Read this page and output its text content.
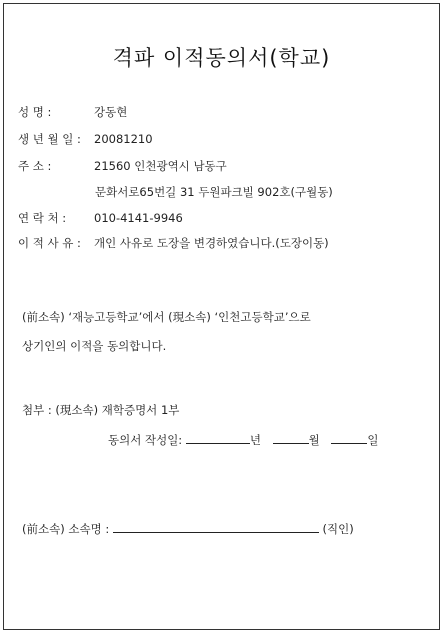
격파 이적동의서(학교)
성 명 :	강동현
생 년 월 일 : 20081210
주 소 :	21560 인천광역시 남동구
문화서로65번길 31 두원파크빌 902호(구월동)
연 락 처 : 010-4141-9946
이 적 사 유 : 개인 사유로 도장을 변경하였습니다.(도장이동)
(前소속) ‘재능고등학교’에서 (現소속) ‘인천고등학교’으로
상기인의 이적을 동의합니다.
첨부 : (現소속) 재학증명서 1부
동의서 작성일:	년	월	일
(前소속) 소속명 :	(직인)
